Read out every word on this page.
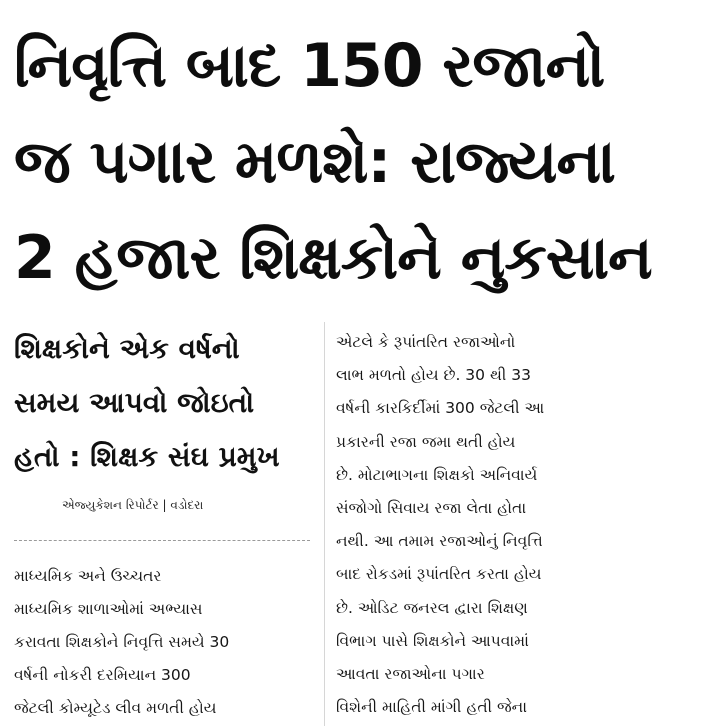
નિવૃત્તિ બાદ 150 રજાનો
જ પગાર મળશે: રાજ્યના
2 હજાર શિક્ષકોને નુકસાન
શિક્ષકોને એક વર્ષનો
સમય આપવો જોઇતો
હતો : શિક્ષક સંઘ પ્રમુખ
એજ્યુકેશન રિપોર્ટર | વડોદરા
માધ્યમિક અને ઉચ્ચતર
માધ્યમિક શાળાઓમાં અભ્યાસ
કરાવતા શિક્ષકોને નિવૃત્તિ સમયે 30
વર્ષની નોકરી દરમિયાન 300
જેટલી કોમ્યૂટેડ લીવ મળતી હોય
એટલે કે રૂપાંતરિત રજાઓનો
લાભ મળતો હોય છે. 30 થી 33
વર્ષની કારકિર્દીમાં 300 જેટલી આ
પ્રકારની રજા જમા થતી હોય
છે. મોટાભાગના શિક્ષકો અનિવાર્ય
સંજોગો સિવાય રજા લેતા હોતા
નથી. આ તમામ રજાઓનું નિવૃત્તિ
બાદ રોકડમાં રૂપાંતરિત કરતા હોય
છે. ઓડિટ જનરલ દ્વારા શિક્ષણ
વિભાગ પાસે શિક્ષકોને આપવામાં
આવતા રજાઓના પગાર
વિશેની માહિતી માંગી હતી જેના
